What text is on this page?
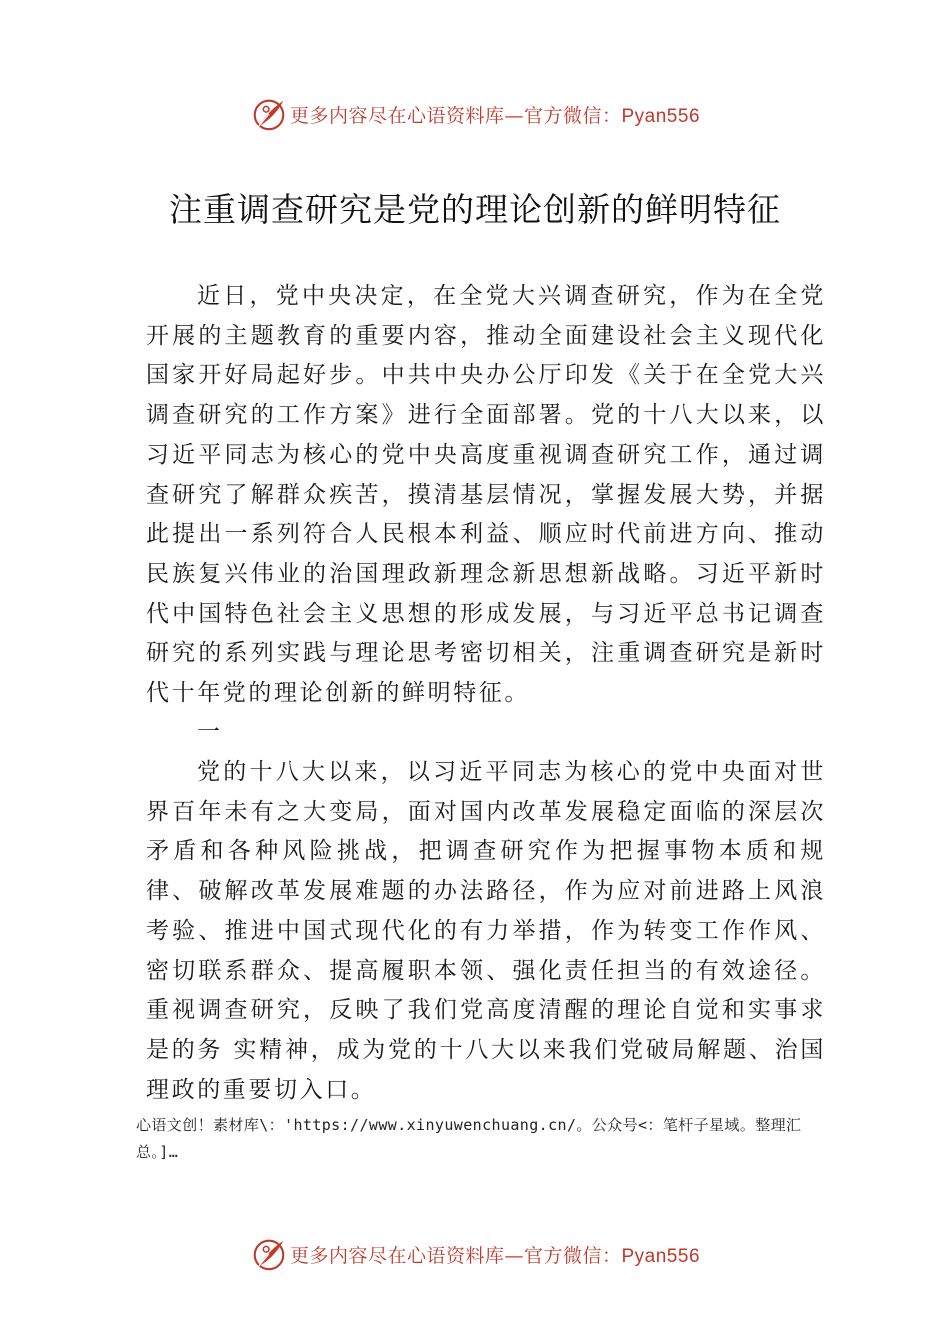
更多内容尽在心语资料库—官方微信：Pyan556
注重调查研究是党的理论创新的鲜明特征
近日，党中央决定，在全党大兴调查研究，作为在全党开展的主题教育的重要内容，推动全面建设社会主义现代化国家开好局起好步。中共中央办公厅印发《关于在全党大兴调查研究的工作方案》进行全面部署。党的十八大以来，以习近平同志为核心的党中央高度重视调查研究工作，通过调查研究了解群众疾苦，摸清基层情况，掌握发展大势，并据此提出一系列符合人民根本利益、顺应时代前进方向、推动民族复兴伟业的治国理政新理念新思想新战略。习近平新时代中国特色社会主义思想的形成发展，与习近平总书记调查研究的系列实践与理论思考密切相关，注重调查研究是新时代十年党的理论创新的鲜明特征。
一
党的十八大以来，以习近平同志为核心的党中央面对世界百年未有之大变局，面对国内改革发展稳定面临的深层次矛盾和各种风险挑战，把调查研究作为把握事物本质和规律、破解改革发展难题的办法路径，作为应对前进路上风浪考验、推进中国式现代化的有力举措，作为转变工作作风、密切联系群众、提高履职本领、强化责任担当的有效途径。重视调查研究，反映了我们党高度清醒的理论自觉和实事求是的务 实精神，成为党的十八大以来我们党破局解题、治国理政的重要切入口。
心语文创！素材库\：'https://www.xinyuwenchuang.cn/。公众号<：笔杆子星域。整理汇总。]…
更多内容尽在心语资料库—官方微信：Pyan556
